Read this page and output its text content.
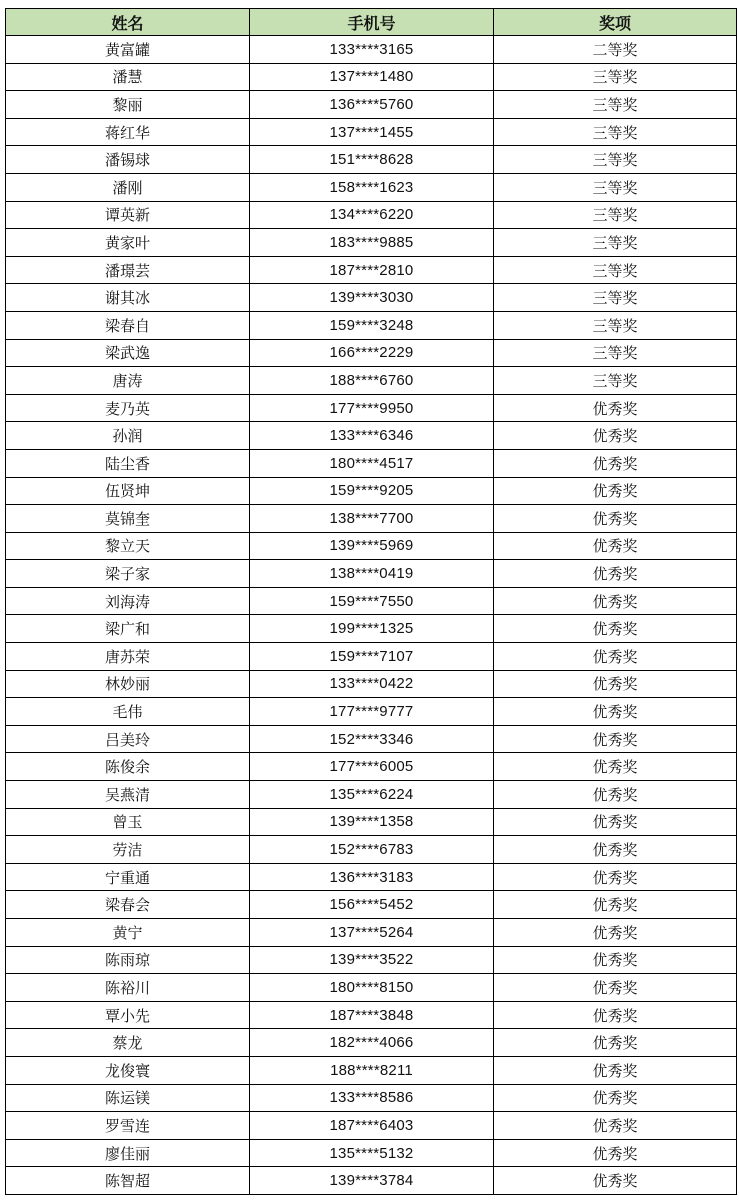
姓名	手机号	奖项
黄富罐	133****3165	二等奖
潘慧	137****1480	三等奖
黎丽	136****5760	三等奖
蒋红华	137****1455	三等奖
潘锡球	151****8628	三等奖
潘刚	158****1623	三等奖
谭英新	134****6220	三等奖
黄家叶	183****9885	三等奖
潘璟芸	187****2810	三等奖
谢其冰	139****3030	三等奖
梁春自	159****3248	三等奖
梁武逸	166****2229	三等奖
唐涛	188****6760	三等奖
麦乃英	177****9950	优秀奖
孙润	133****6346	优秀奖
陆尘香	180****4517	优秀奖
伍贤坤	159****9205	优秀奖
莫锦奎	138****7700	优秀奖
黎立天	139****5969	优秀奖
梁子家	138****0419	优秀奖
刘海涛	159****7550	优秀奖
梁广和	199****1325	优秀奖
唐苏荣	159****7107	优秀奖
林妙丽	133****0422	优秀奖
毛伟	177****9777	优秀奖
吕美玲	152****3346	优秀奖
陈俊余	177****6005	优秀奖
吴燕清	135****6224	优秀奖
曾玉	139****1358	优秀奖
劳洁	152****6783	优秀奖
宁重通	136****3183	优秀奖
梁春会	156****5452	优秀奖
黄宁	137****5264	优秀奖
陈雨琼	139****3522	优秀奖
陈裕川	180****8150	优秀奖
覃小先	187****3848	优秀奖
蔡龙	182****4066	优秀奖
龙俊寰	188****8211	优秀奖
陈运镁	133****8586	优秀奖
罗雪连	187****6403	优秀奖
廖佳丽	135****5132	优秀奖
陈智超	139****3784	优秀奖
